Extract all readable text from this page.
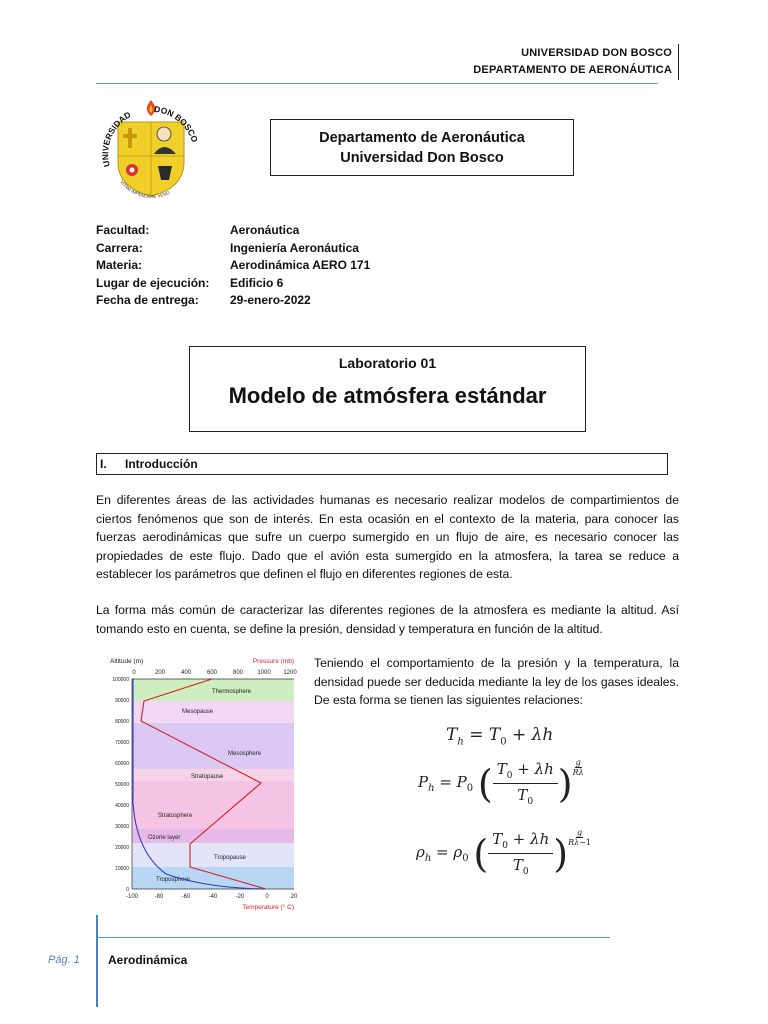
UNIVERSIDAD DON BOSCO
DEPARTAMENTO DE AERONÁUTICA
UNIVERSIDAD
DON BOSCO
VITAM IMPENDERE VERO
Departamento de Aeronáutica
Universidad Don Bosco
Facultad:	Aeronáutica
Carrera:	Ingeniería Aeronáutica
Materia:	Aerodinámica AERO 171
Lugar de ejecución:	Edificio 6
Fecha de entrega:	29-enero-2022
Laboratorio 01
Modelo de atmósfera estándar
I. Introducción
En diferentes áreas de las actividades humanas es necesario realizar modelos de compartimientos de ciertos fenómenos que son de interés. En esta ocasión en el contexto de la materia, para conocer las fuerzas aerodinámicas que sufre un cuerpo sumergido en un flujo de aire, es necesario conocer las propiedades de este flujo. Dado que el avión esta sumergido en la atmosfera, la tarea se reduce a establecer los parámetros que definen el flujo en diferentes regiones de esta.
La forma más común de caracterizar las diferentes regiones de la atmosfera es mediante la altitud. Así tomando esto en cuenta, se define la presión, densidad y temperatura en función de la altitud.
Altitude (m)	Pressure (mb)
Temperature (° C)
100000
90000
80000
70000
60000
50000
40000
30000
20000
10000
0
0	200	400	600	800 1000 1200
-100	-80	-60	-40	-20	0	20
Thermosphere
Mesopause
Mesosphere
Stratopause
Stratosphere
Ozone layer
Tropopause
Troposphere
Teniendo el comportamiento de la presión y la temperatura, la densidad puede ser deducida mediante la ley de los gases ideales. De esta forma se tienen las siguientes relaciones:
$T_h = T_0 + \lambda h$
$P_h = P_0$ ( $\frac{T_0 + \lambda h}{T_0}$ ) g
Rλ
$\rho_h = \rho_0$ ( $\frac{T_0 + \lambda h}{T_0}$ ) g
Rλ−1
Pág. 1 Aerodinámica
